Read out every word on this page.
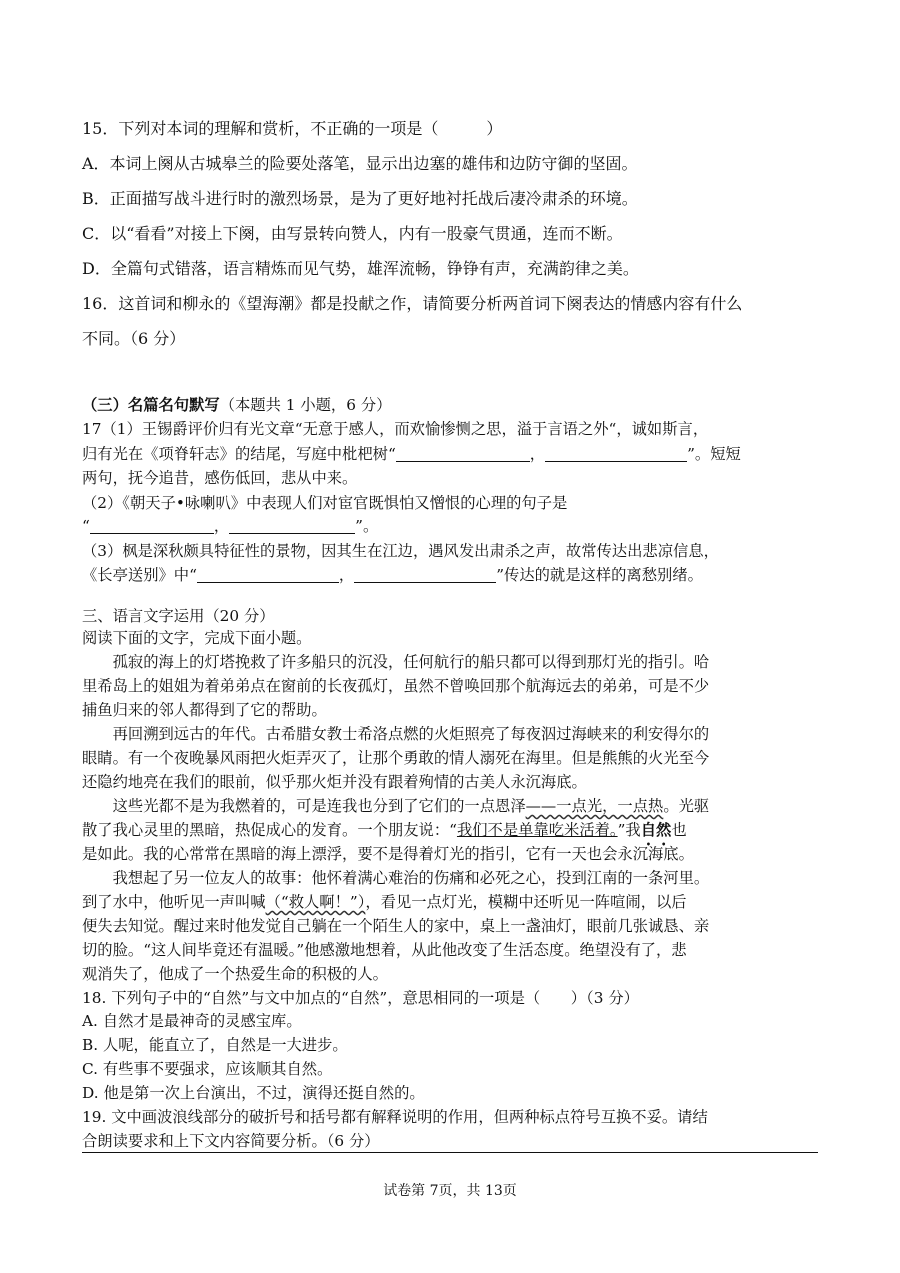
15．下列对本词的理解和赏析，不正确的一项是（　　　）
A．本词上阕从古城皋兰的险要处落笔，显示出边塞的雄伟和边防守御的坚固。
B．正面描写战斗进行时的激烈场景，是为了更好地衬托战后凄冷肃杀的环境。
C．以“看看”对接上下阕，由写景转向赞人，内有一股豪气贯通，连而不断。
D．全篇句式错落，语言精炼而见气势，雄浑流畅，铮铮有声，充满韵律之美。
16．这首词和柳永的《望海潮》都是投献之作，请简要分析两首词下阕表达的情感内容有什么
不同。（6 分）
（三）名篇名句默写（本题共 1 小题，6 分）
17（1）王锡爵评价归有光文章“无意于感人，而欢愉惨恻之思，溢于言语之外“，诚如斯言，
归有光在《项脊轩志》的结尾，写庭中枇杷树“	，	”。短短
两句，抚今追昔，感伤低回，悲从中来。
（2）《朝天子•咏喇叭》中表现人们对宦官既惧怕又憎恨的心理的句子是
“	，	”。
（3）枫是深秋颇具特征性的景物，因其生在江边，遇风发出肃杀之声，故常传达出悲凉信息，
《长亭送别》中“	，	”传达的就是这样的离愁别绪。
三、语言文字运用（20 分）
阅读下面的文字，完成下面小题。
　　孤寂的海上的灯塔挽救了许多船只的沉没，任何航行的船只都可以得到那灯光的指引。哈
里希岛上的姐姐为着弟弟点在窗前的长夜孤灯，虽然不曾唤回那个航海远去的弟弟，可是不少
捕鱼归来的邻人都得到了它的帮助。
　　再回溯到远古的年代。古希腊女教士希洛点燃的火炬照亮了每夜泅过海峡来的利安得尔的
眼睛。有一个夜晚暴风雨把火炬弄灭了，让那个勇敢的情人溺死在海里。但是熊熊的火光至今
还隐约地亮在我们的眼前，似乎那火炬并没有跟着殉情的古美人永沉海底。
　　这些光都不是为我燃着的，可是连我也分到了它们的一点恩泽——一点光，一点热。光驱
散了我心灵里的黑暗，热促成心的发育。一个朋友说：“我们不是单靠吃米活着。”我自然也
是如此。我的心常常在黑暗的海上漂浮，要不是得着灯光的指引，它有一天也会永沉海底。
　　我想起了另一位友人的故事：他怀着满心难治的伤痛和必死之心，投到江南的一条河里。
到了水中，他听见一声叫喊（“救人啊！”），看见一点灯光，模糊中还听见一阵喧闹，以后
便失去知觉。醒过来时他发觉自己躺在一个陌生人的家中，桌上一盏油灯，眼前几张诚恳、亲
切的脸。“这人间毕竟还有温暖。”他感激地想着，从此他改变了生活态度。绝望没有了，悲
观消失了，他成了一个热爱生命的积极的人。
18. 下列句子中的“自然”与文中加点的“自然”，意思相同的一项是（　　）（3 分）
A. 自然才是最神奇的灵感宝库。
B. 人呢，能直立了，自然是一大进步。
C. 有些事不要强求，应该顺其自然。
D. 他是第一次上台演出，不过，演得还挺自然的。
19. 文中画波浪线部分的破折号和括号都有解释说明的作用，但两种标点符号互换不妥。请结
合朗读要求和上下文内容简要分析。（6 分）
试卷第 7页，共 13页
